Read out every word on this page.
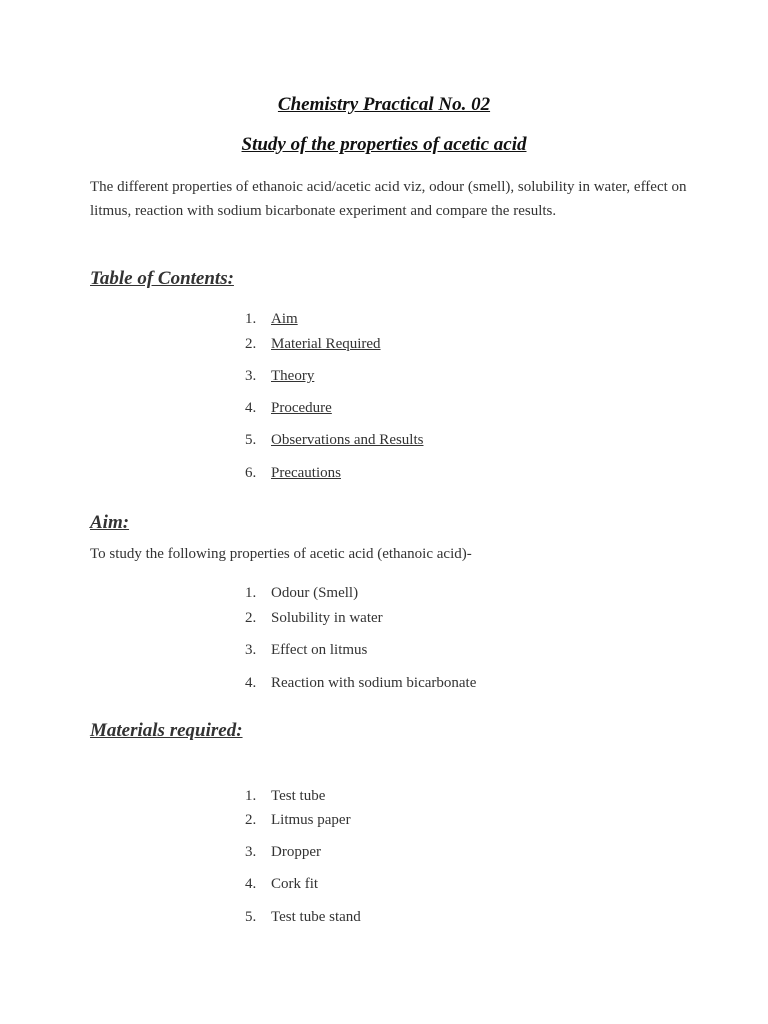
Chemistry Practical No. 02
Study of the properties of acetic acid

The different properties of ethanoic acid/acetic acid viz, odour (smell), solubility in water, effect on litmus, reaction with sodium bicarbonate experiment and compare the results.

Table of Contents:
1. Aim
2. Material Required
3. Theory
4. Procedure
5. Observations and Results
6. Precautions
Aim:

To study the following properties of acetic acid (ethanoic acid)-

1. Odour (Smell)
2. Solubility in water
3. Effect on litmus
4. Reaction with sodium bicarbonate
Materials required:
1. Test tube
2. Litmus paper
3. Dropper
4. Cork fit
5. Test tube stand
